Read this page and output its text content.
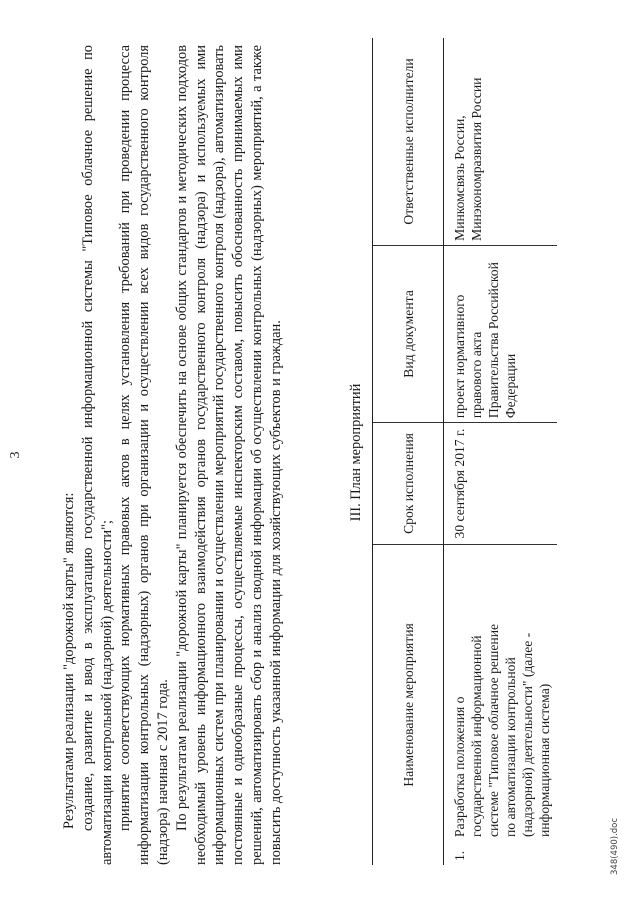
3

Результатами реализации "дорожной карты" являются: создание, развитие и ввод в эксплуатацию государственной информационной системы "Типовое облачное решение по автоматизации контрольной (надзорной) деятельности"; принятие соответствующих нормативных правовых актов в целях установления требований при проведении процесса информатизации контрольных (надзорных) органов при организации и осуществлении всех видов государственного контроля (надзора) начиная с 2017 года. По результатам реализации "дорожной карты" планируется обеспечить на основе общих стандартов и методических подходов необходимый уровень информационного взаимодействия органов государственного контроля (надзора) и используемых ими информационных систем при планировании и осуществлении мероприятий государственного контроля (надзора), автоматизировать постоянные и однообразные процессы, осуществляемые инспекторским составом, повысить обоснованность принимаемых ими решений, автоматизировать сбор и анализ сводной информации об осуществлении контрольных (надзорных) мероприятий, а также повысить доступность указанной информации для хозяйствующих субъектов и граждан.	III. План мероприятий
Наименование мероприятия	Срок исполнения	Вид документа	Ответственные исполнители
1.Разработка положения о государственной информационной системе "Типовое облачное решение по автоматизации контрольной (надзорной) деятельности" (далее - информационная система)	30 сентября 2017 г.	проект нормативного правового акта Правительства Российской Федерации	Минкомсвязь России, Минэкономразвития России
348(490).doc
